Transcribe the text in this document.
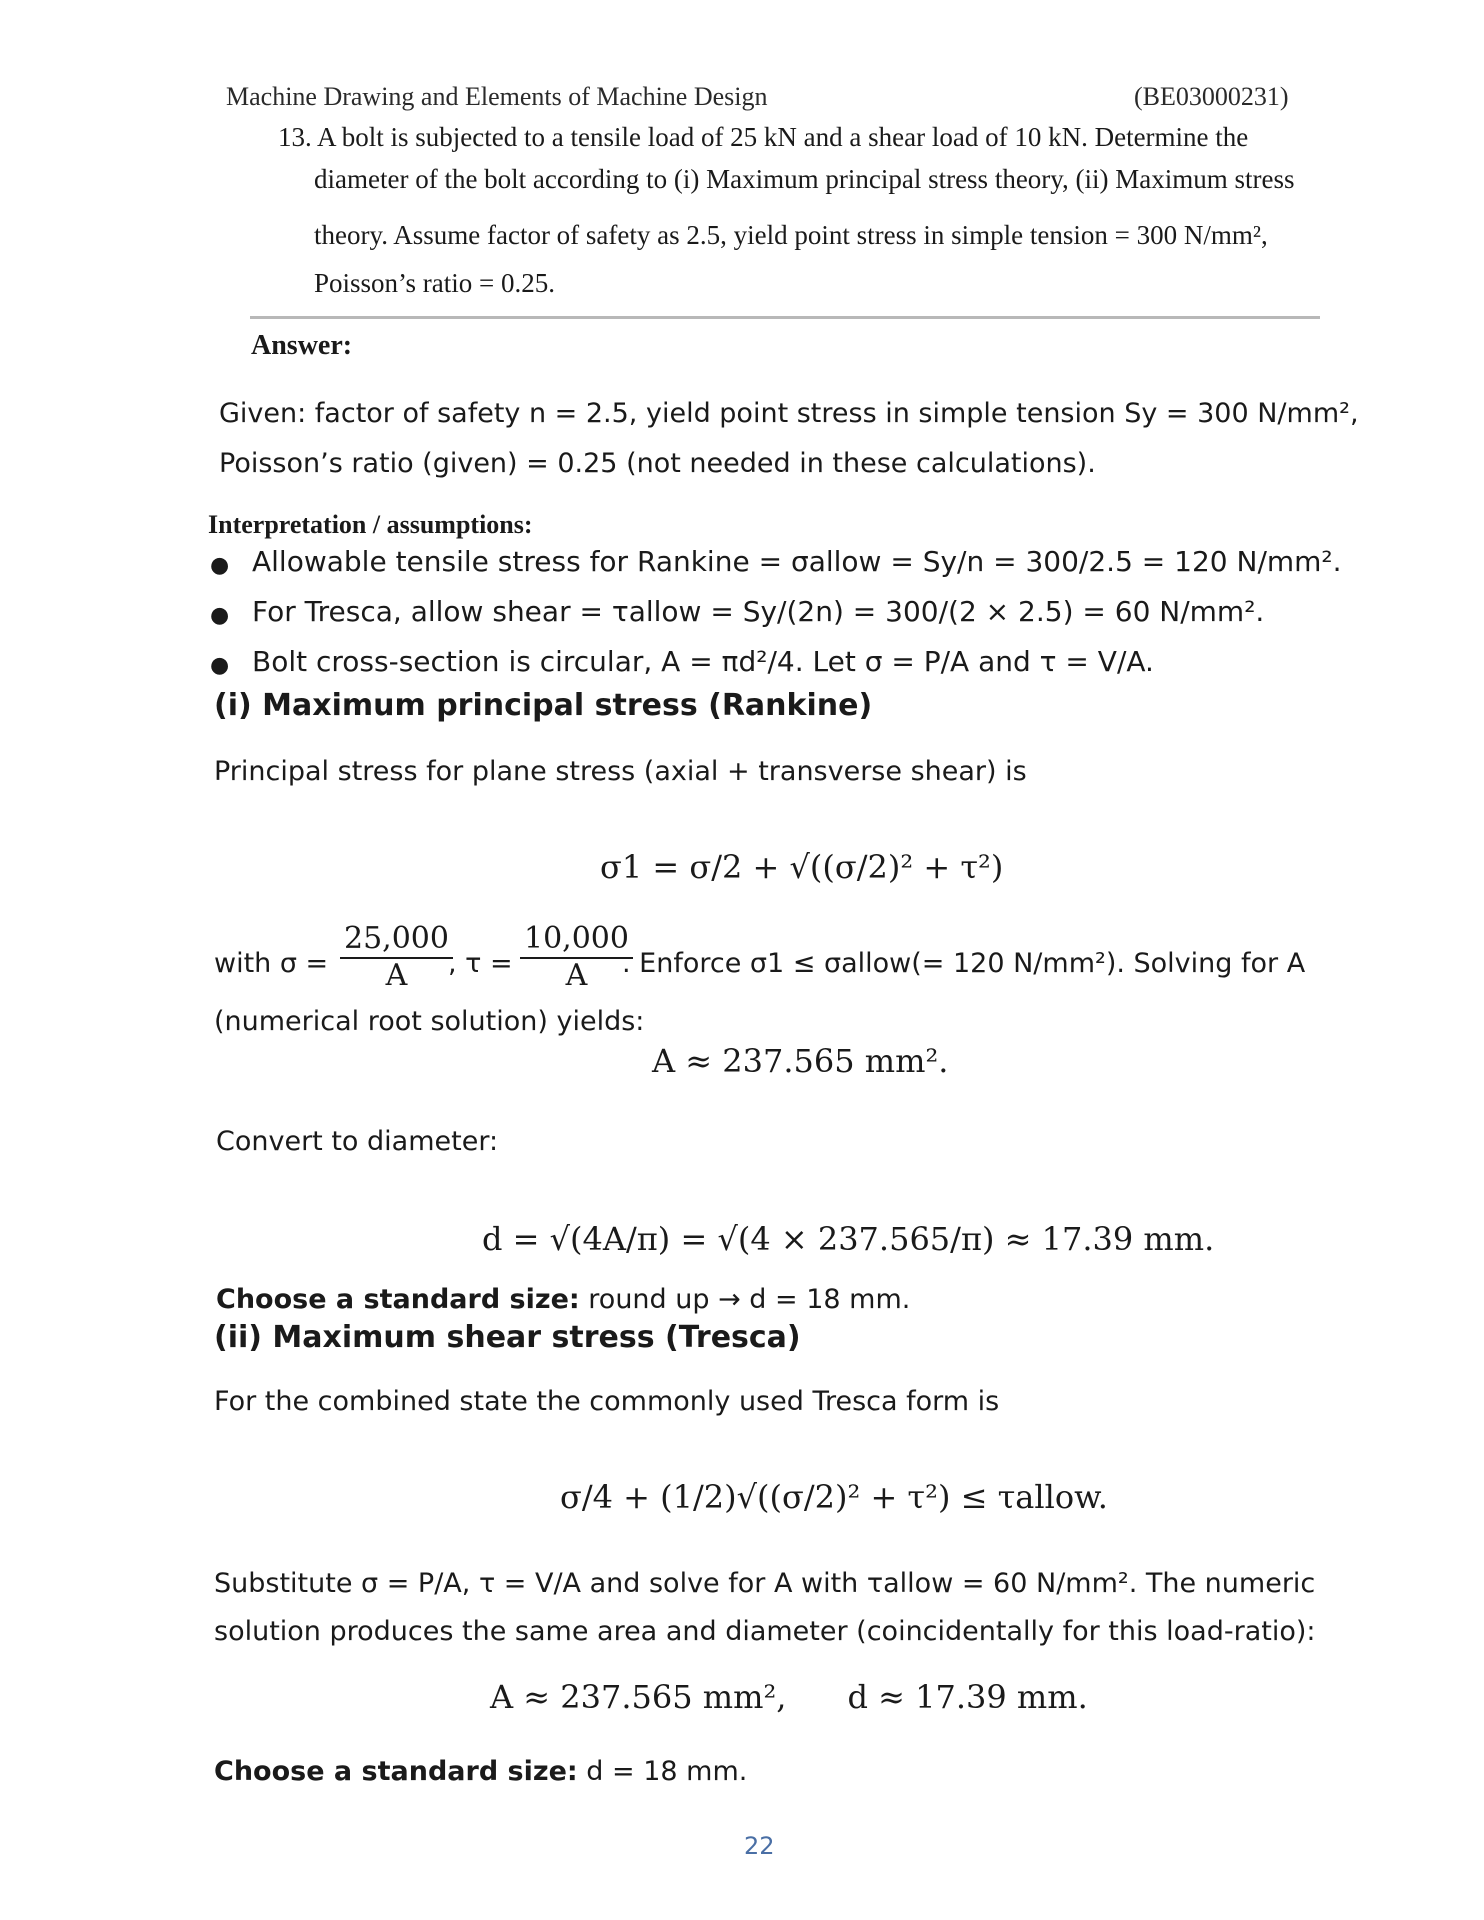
Machine Drawing and Elements of Machine Design	(BE03000231)
13. A bolt is subjected to a tensile load of 25 kN and a shear load of 10 kN. Determine the
diameter of the bolt according to (i) Maximum principal stress theory, (ii) Maximum stress
theory. Assume factor of safety as 2.5, yield point stress in simple tension = 300 N/mm²,
Poisson’s ratio = 0.25.
Answer:
Given: factor of safety n = 2.5, yield point stress in simple tension Sy = 300 N/mm²,
Poisson’s ratio (given) = 0.25 (not needed in these calculations).
Interpretation / assumptions:
● Allowable tensile stress for Rankine = σallow = Sy/n = 300/2.5 = 120 N/mm².
● For Tresca, allow shear = τallow = Sy/(2n) = 300/(2 × 2.5) = 60 N/mm².
● Bolt cross-section is circular, A = πd²/4. Let σ = P/A and τ = V/A.
(i) Maximum principal stress (Rankine)
Principal stress for plane stress (axial + transverse shear) is
σ1 = σ/2 + √((σ/2)² + τ²)
with $\sigma = \frac{25,000}{A}$
, $\tau = \frac{10,000}{A}$
. Enforce σ1 ≤ σallow(= 120 N/mm²). Solving for A
(numerical root solution) yields:
A ≈ 237.565 mm².
Convert to diameter:
d = √(4A/π) = √(4 × 237.565/π) ≈ 17.39 mm.
Choose a standard size: round up → d = 18 mm.
(ii) Maximum shear stress (Tresca)
For the combined state the commonly used Tresca form is
σ/4 + (1/2)√((σ/2)² + τ²) ≤ τallow.
Substitute σ = P/A, τ = V/A and solve for A with τallow = 60 N/mm². The numeric
solution produces the same area and diameter (coincidentally for this load-ratio):
A ≈ 237.565 mm²,      d ≈ 17.39 mm.
Choose a standard size: d = 18 mm.
22
